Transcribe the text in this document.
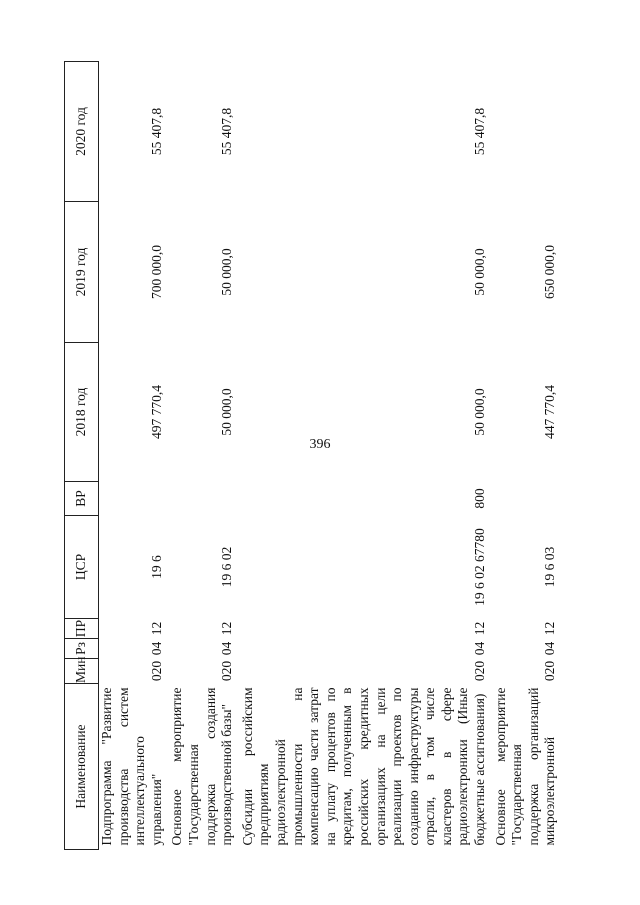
396
Наименование	Мин	Рз	ПР	ЦСР	ВР	2018 год	2019 год	2020 год
Подпрограмма "Развитие производства систем интеллектуального управления"	020	04	12	19 6		497 770,4	700 000,0	55 407,8
Основное мероприятие "Государственная поддержка создания производственной базы"	020	04	12	19 6 02		50 000,0	50 000,0	55 407,8
Субсидии российским предприятиям радиоэлектронной промышленности на компенсацию части затрат на уплату процентов по кредитам, полученным в российских кредитных организациях на цели реализации проектов по созданию инфраструктуры отрасли, в том числе кластеров в сфере радиоэлектроники (Иные бюджетные ассигнования)	020	04	12	19 6 02 67780	800	50 000,0	50 000,0	55 407,8
Основное мероприятие "Государственная поддержка организаций микроэлектронной	020	04	12	19 6 03		447 770,4	650 000,0	
